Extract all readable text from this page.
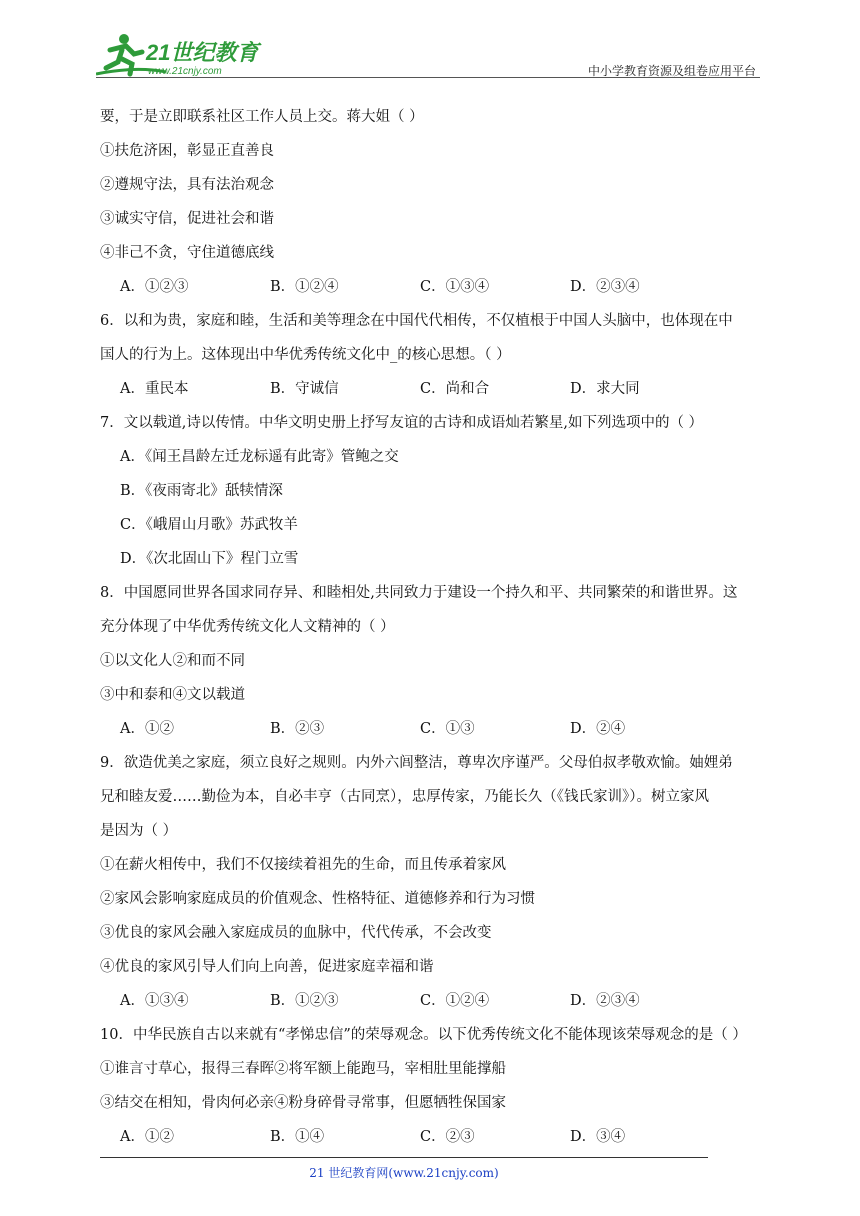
21世纪教育
www.21cnjy.com	中小学教育资源及组卷应用平台
要，于是立即联系社区工作人员上交。蒋大姐（ ）
①扶危济困，彰显正直善良
②遵规守法，具有法治观念
③诚实守信，促进社会和谐
④非己不贪，守住道德底线
A．①②③	B．①②④	C．①③④	D．②③④
6．以和为贵，家庭和睦，生活和美等理念在中国代代相传，不仅植根于中国人头脑中，也体现在中
国人的行为上。这体现出中华优秀传统文化中_的核心思想。（ ）
A．重民本	B．守诚信	C．尚和合	D．求大同
7．文以载道,诗以传情。中华文明史册上抒写友谊的古诗和成语灿若繁星,如下列选项中的（ ）
A．《闻王昌龄左迁龙标遥有此寄》管鲍之交
B．《夜雨寄北》舐犊情深
C．《峨眉山月歌》苏武牧羊
D．《次北固山下》程门立雪
8．中国愿同世界各国求同存异、和睦相处,共同致力于建设一个持久和平、共同繁荣的和谐世界。这
充分体现了中华优秀传统文化人文精神的（ ）
①以文化人②和而不同
③中和泰和④文以载道
A．①②	B．②③	C．①③	D．②④
9．欲造优美之家庭，须立良好之规则。内外六闾整洁，尊卑次序谨严。父母伯叔孝敬欢愉。妯娌弟
兄和睦友爱……勤俭为本，自必丰亨（古同烹），忠厚传家，乃能长久（《钱氏家训》）。树立家风
是因为（ ）
①在薪火相传中，我们不仅接续着祖先的生命，而且传承着家风
②家风会影响家庭成员的价值观念、性格特征、道德修养和行为习惯
③优良的家风会融入家庭成员的血脉中，代代传承，不会改变
④优良的家风引导人们向上向善，促进家庭幸福和谐
A．①③④	B．①②③	C．①②④	D．②③④
10．中华民族自古以来就有“孝悌忠信”的荣辱观念。以下优秀传统文化不能体现该荣辱观念的是（ ）
①谁言寸草心，报得三春晖②将军额上能跑马，宰相肚里能撑船
③结交在相知，骨肉何必亲④粉身碎骨寻常事，但愿牺牲保国家
A．①②	B．①④	C．②③	D．③④
21 世纪教育网(www.21cnjy.com)
